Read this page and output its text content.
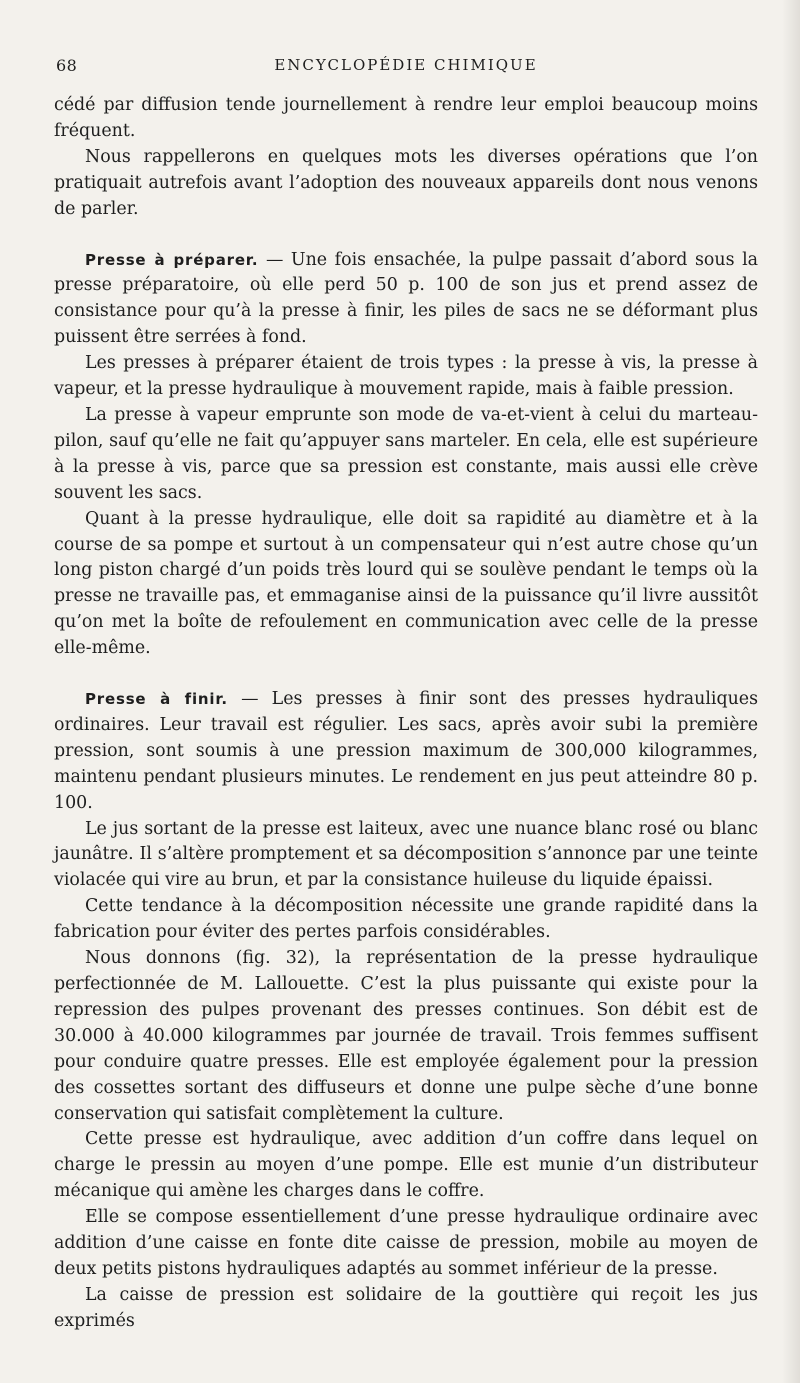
68	ENCYCLOPÉDIE CHIMIQUE

cédé par diffusion tende journellement à rendre leur emploi beaucoup moins fréquent.

Nous rappellerons en quelques mots les diverses opérations que l’on pratiquait autrefois avant l’adoption des nouveaux appareils dont nous venons de parler.

Presse à préparer. — Une fois ensachée, la pulpe passait d’abord sous la presse préparatoire, où elle perd 50 p. 100 de son jus et prend assez de consistance pour qu’à la presse à finir, les piles de sacs ne se déformant plus puissent être serrées à fond.

Les presses à préparer étaient de trois types : la presse à vis, la presse à vapeur, et la presse hydraulique à mouvement rapide, mais à faible pression.

La presse à vapeur emprunte son mode de va-et-vient à celui du marteau-pilon, sauf qu’elle ne fait qu’appuyer sans marteler. En cela, elle est supérieure à la presse à vis, parce que sa pression est constante, mais aussi elle crève souvent les sacs.

Quant à la presse hydraulique, elle doit sa rapidité au diamètre et à la course de sa pompe et surtout à un compensateur qui n’est autre chose qu’un long piston chargé d’un poids très lourd qui se soulève pendant le temps où la presse ne travaille pas, et emmaganise ainsi de la puissance qu’il livre aussitôt qu’on met la boîte de refoulement en communication avec celle de la presse elle-même.

Presse à finir. — Les presses à finir sont des presses hydrauliques ordinaires. Leur travail est régulier. Les sacs, après avoir subi la première pression, sont soumis à une pression maximum de 300,000 kilogrammes, maintenu pendant plusieurs minutes. Le rendement en jus peut atteindre 80 p. 100.

Le jus sortant de la presse est laiteux, avec une nuance blanc rosé ou blanc jaunâtre. Il s’altère promptement et sa décomposition s’annonce par une teinte violacée qui vire au brun, et par la consistance huileuse du liquide épaissi.

Cette tendance à la décomposition nécessite une grande rapidité dans la fabrication pour éviter des pertes parfois considérables.

Nous donnons (fig. 32), la représentation de la presse hydraulique perfectionnée de M. Lallouette. C’est la plus puissante qui existe pour la repression des pulpes provenant des presses continues. Son débit est de 30.000 à 40.000 kilogrammes par journée de travail. Trois femmes suffisent pour conduire quatre presses. Elle est employée également pour la pression des cossettes sortant des diffuseurs et donne une pulpe sèche d’une bonne conservation qui satisfait complètement la culture.

Cette presse est hydraulique, avec addition d’un coffre dans lequel on charge le pressin au moyen d’une pompe. Elle est munie d’un distributeur mécanique qui amène les charges dans le coffre.

Elle se compose essentiellement d’une presse hydraulique ordinaire avec addition d’une caisse en fonte dite caisse de pression, mobile au moyen de deux petits pistons hydrauliques adaptés au sommet inférieur de la presse.

La caisse de pression est solidaire de la gouttière qui reçoit les jus exprimés
